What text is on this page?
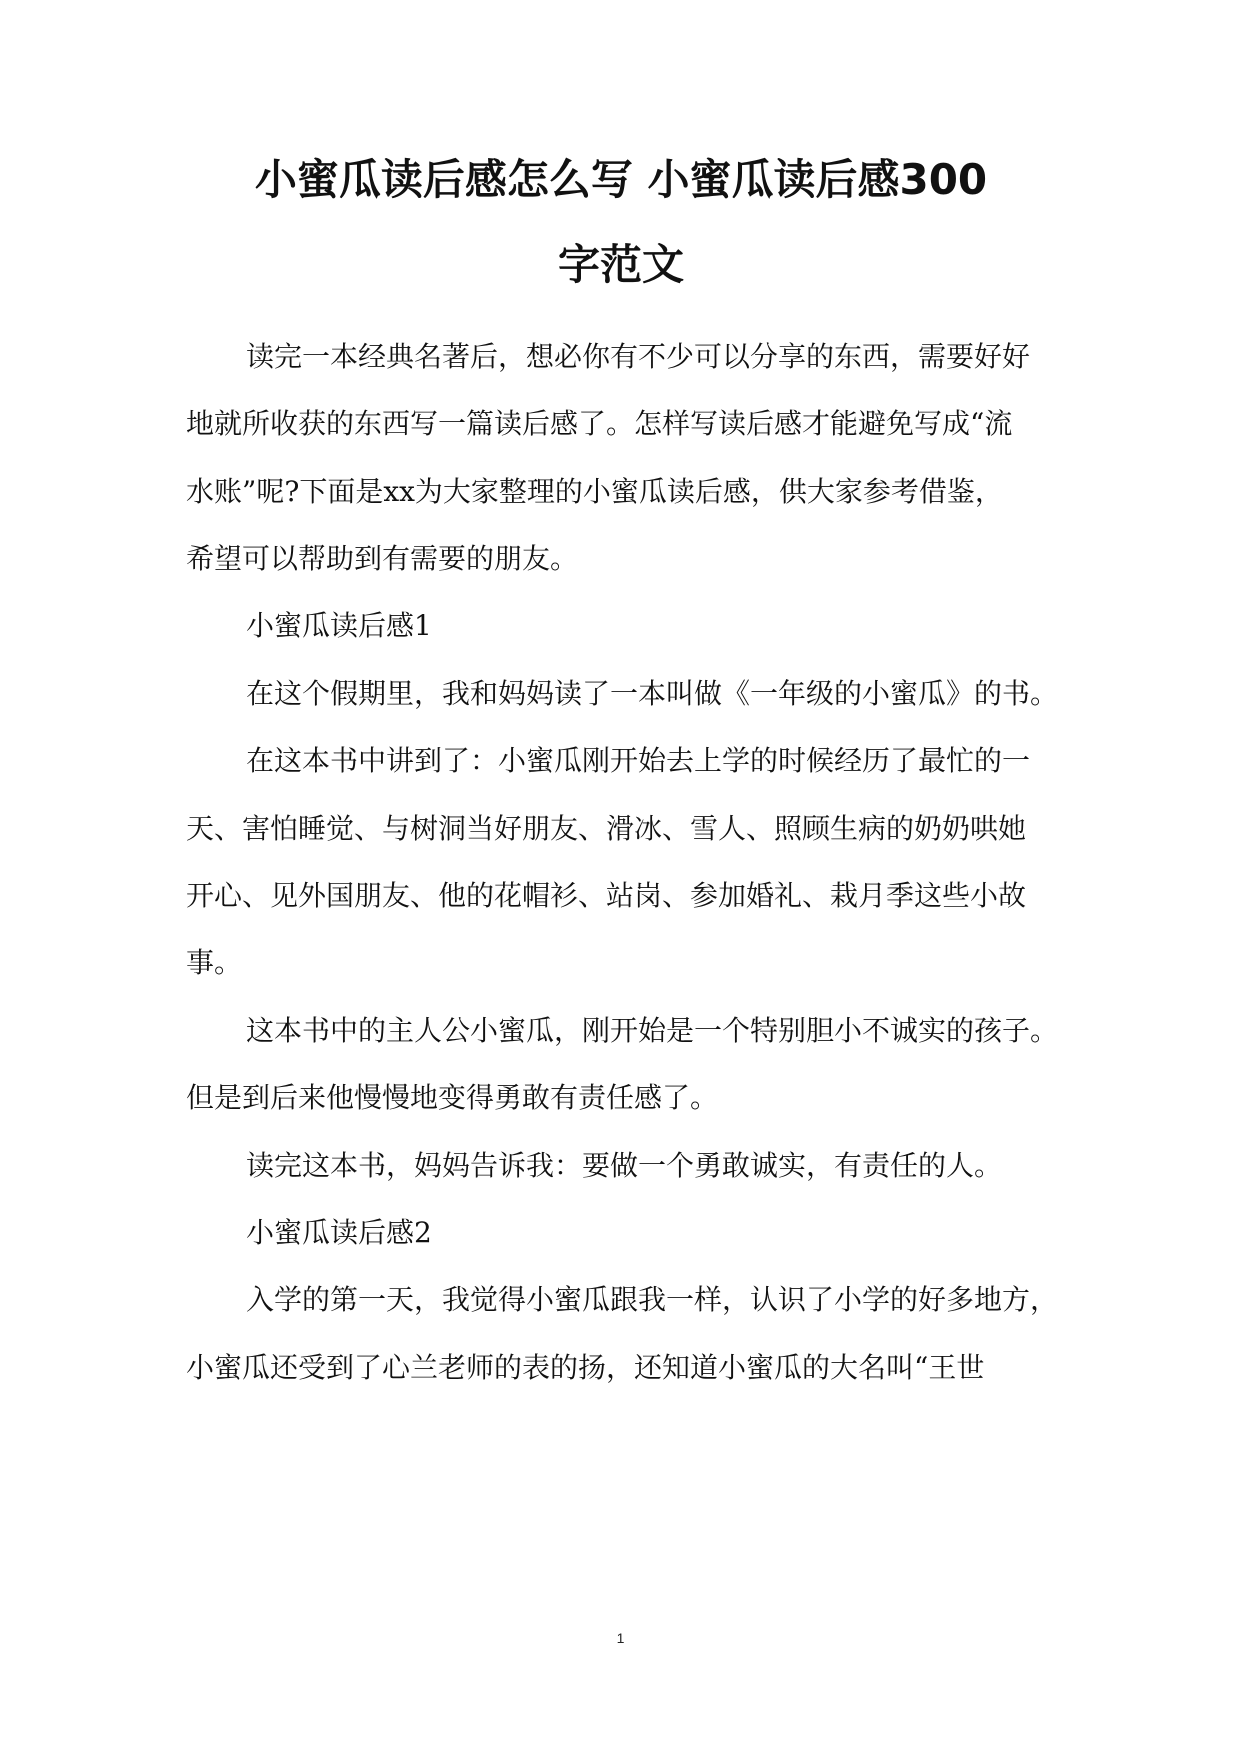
小蜜瓜读后感怎么写 小蜜瓜读后感300
字范文
读完一本经典名著后，想必你有不少可以分享的东西，需要好好
地就所收获的东西写一篇读后感了。怎样写读后感才能避免写成“流
水账”呢?下面是xx为大家整理的小蜜瓜读后感，供大家参考借鉴，
希望可以帮助到有需要的朋友。
小蜜瓜读后感1
在这个假期里，我和妈妈读了一本叫做《一年级的小蜜瓜》的书。
在这本书中讲到了：小蜜瓜刚开始去上学的时候经历了最忙的一
天、害怕睡觉、与树洞当好朋友、滑冰、雪人、照顾生病的奶奶哄她
开心、见外国朋友、他的花帽衫、站岗、参加婚礼、栽月季这些小故
事。
这本书中的主人公小蜜瓜，刚开始是一个特别胆小不诚实的孩子。
但是到后来他慢慢地变得勇敢有责任感了。
读完这本书，妈妈告诉我：要做一个勇敢诚实，有责任的人。
小蜜瓜读后感2
入学的第一天，我觉得小蜜瓜跟我一样，认识了小学的好多地方，
小蜜瓜还受到了心兰老师的表的扬，还知道小蜜瓜的大名叫“王世
1
